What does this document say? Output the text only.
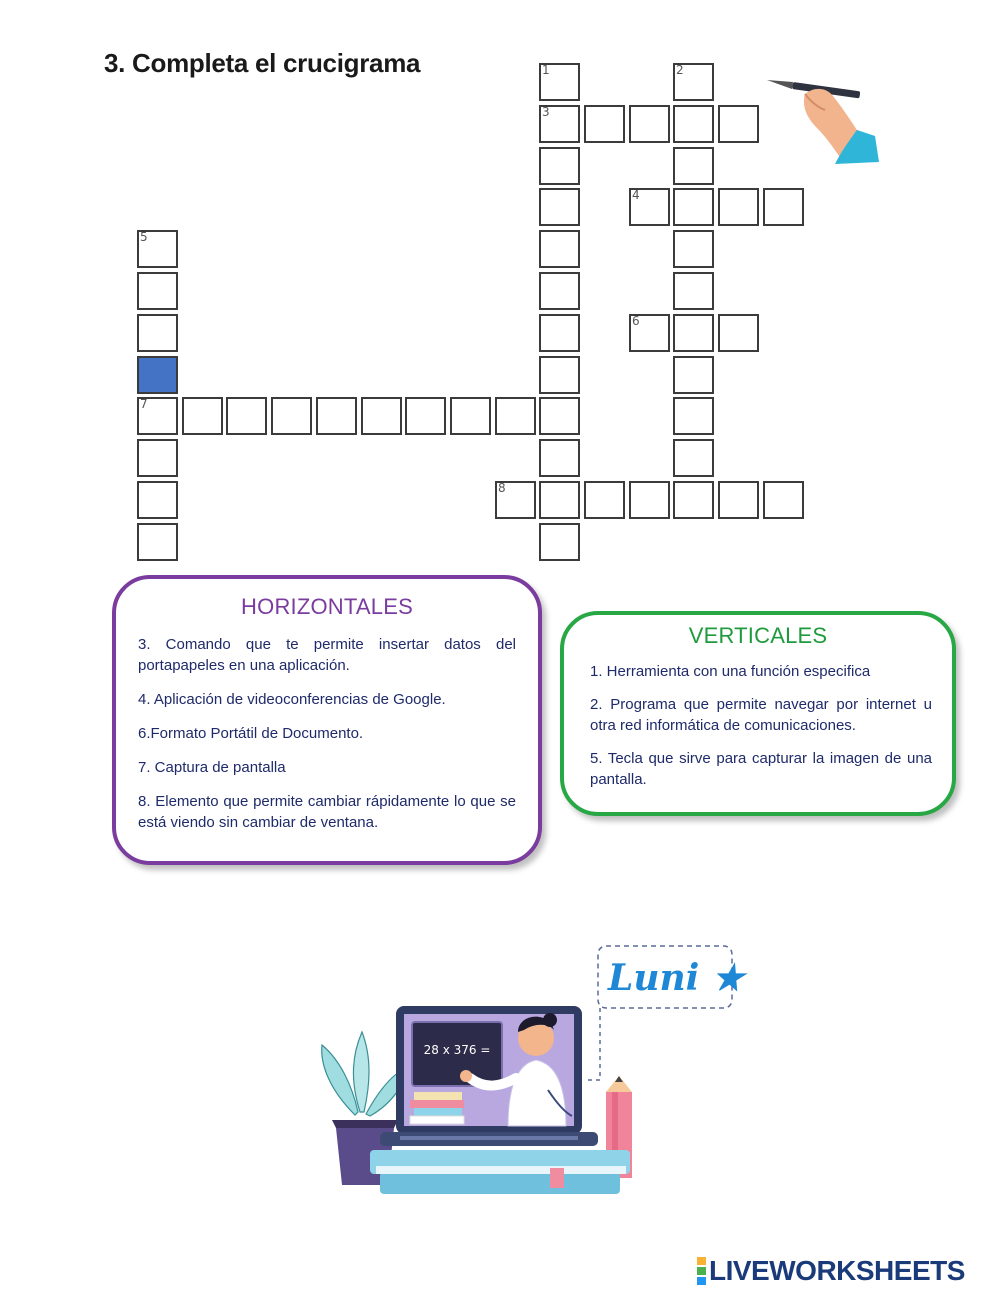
3. Completa el crucigrama	1
3
2
4
5
7
6
8
HORIZONTALES

3. Comando que te permite insertar datos del portapapeles en una aplicación.

4. Aplicación de videoconferencias de Google.

6.Formato Portátil de Documento.

7. Captura de pantalla

8. Elemento que permite cambiar rápidamente lo que se está viendo sin cambiar de ventana.

VERTICALES

1. Herramienta con una función especifica

2. Programa que permite navegar por internet u otra red informática de comunicaciones.

5. Tecla que sirve para capturar la imagen de una pantalla.

Luni ★
28 x 376 =
LIVEWORKSHEETS
